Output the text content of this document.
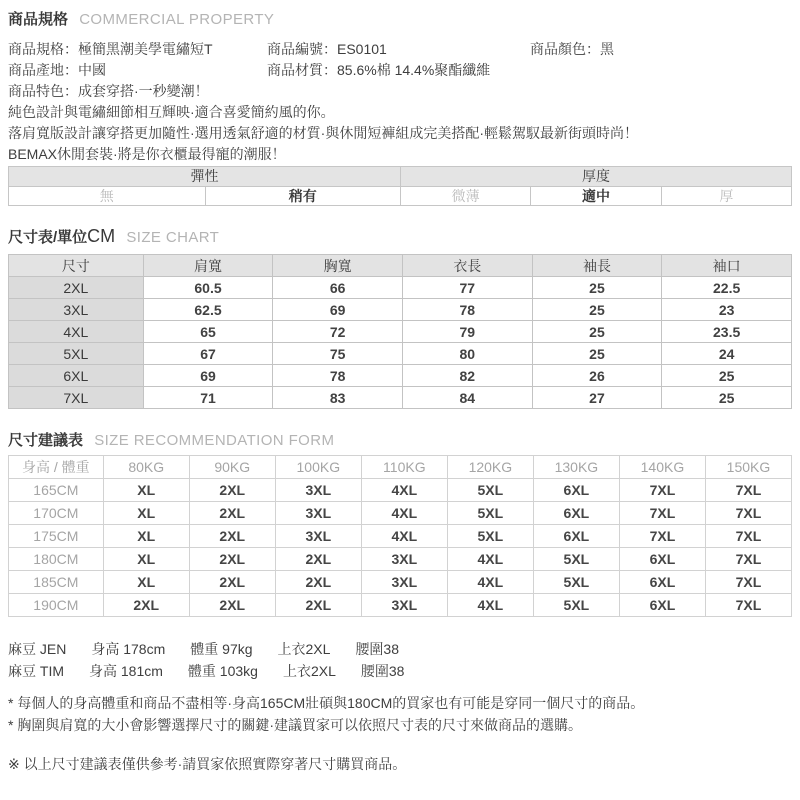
商品規格 COMMERCIAL PROPERTY
商品規格：極簡黑潮美學電繡短T	商品編號：ES0101	商品顏色：黑
商品產地：中國	商品材質：85.6%棉 14.4%聚酯纖維
商品特色：成套穿搭·一秒變潮！
純色設計與電繡細節相互輝映·適合喜愛簡約風的你。
落肩寬版設計讓穿搭更加隨性·選用透氣舒適的材質·與休閒短褲組成完美搭配·輕鬆駕馭最新街頭時尚！
BEMAX休閒套裝·將是你衣櫃最得寵的潮服！
彈性	厚度
無	稍有	微薄	適中	厚
尺寸表/單位CM SIZE CHART
尺寸	肩寬	胸寬	衣長	袖長	袖口
2XL	60.5	66	77	25	22.5
3XL	62.5	69	78	25	23
4XL	65	72	79	25	23.5
5XL	67	75	80	25	24
6XL	69	78	82	26	25
7XL	71	83	84	27	25
尺寸建議表 SIZE RECOMMENDATION FORM
身高 / 體重	80KG	90KG	100KG	110KG	120KG	130KG	140KG	150KG
165CM	XL	2XL	3XL	4XL	5XL	6XL	7XL	7XL
170CM	XL	2XL	3XL	4XL	5XL	6XL	7XL	7XL
175CM	XL	2XL	3XL	4XL	5XL	6XL	7XL	7XL
180CM	XL	2XL	2XL	3XL	4XL	5XL	6XL	7XL
185CM	XL	2XL	2XL	3XL	4XL	5XL	6XL	7XL
190CM	2XL	2XL	2XL	3XL	4XL	5XL	6XL	7XL
麻豆 JEN 身高 178cm 體重 97kg 上衣2XL 腰圍38
麻豆 TIM 身高 181cm 體重 103kg 上衣2XL 腰圍38
* 每個人的身高體重和商品不盡相等·身高165CM壯碩與180CM的買家也有可能是穿同一個尺寸的商品。
* 胸圍與肩寬的大小會影響選擇尺寸的關鍵·建議買家可以依照尺寸表的尺寸來做商品的選購。
※ 以上尺寸建議表僅供參考·請買家依照實際穿著尺寸購買商品。
